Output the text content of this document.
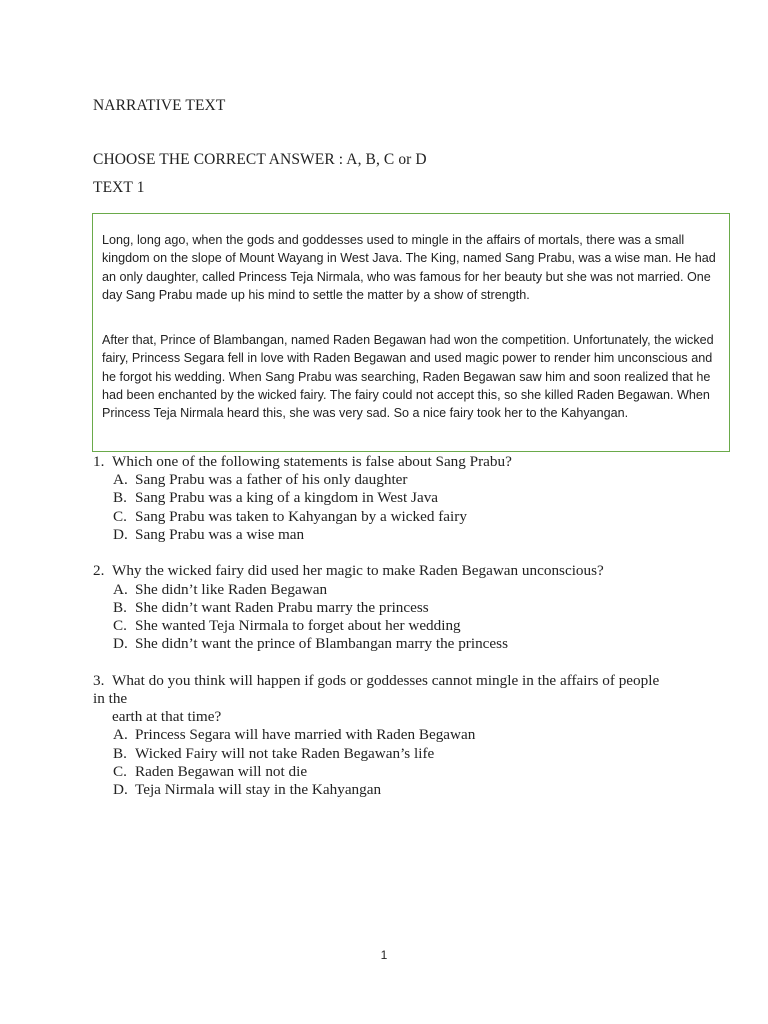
NARRATIVE TEXT
CHOOSE THE CORRECT ANSWER : A, B, C or D
TEXT 1

Long, long ago, when the gods and goddesses used to mingle in the affairs of mortals, there was a small kingdom on the slope of Mount Wayang in West Java. The King, named Sang Prabu, was a wise man. He had an only daughter, called Princess Teja Nirmala, who was famous for her beauty but she was not married. One day Sang Prabu made up his mind to settle the matter by a show of strength.

After that, Prince of Blambangan, named Raden Begawan had won the competition. Unfortunately, the wicked fairy, Princess Segara fell in love with Raden Begawan and used magic power to render him unconscious and he forgot his wedding. When Sang Prabu was searching, Raden Begawan saw him and soon realized that he had been enchanted by the wicked fairy. The fairy could not accept this, so she killed Raden Begawan. When Princess Teja Nirmala heard this, she was very sad. So a nice fairy took her to the Kahyangan.

1. Which one of the following statements is false about Sang Prabu?
A. Sang Prabu was a father of his only daughter
B. Sang Prabu was a king of a kingdom in West Java
C. Sang Prabu was taken to Kahyangan by a wicked fairy
D. Sang Prabu was a wise man
2. Why the wicked fairy did used her magic to make Raden Begawan unconscious?
A. She didn’t like Raden Begawan
B. She didn’t want Raden Prabu marry the princess
C. She wanted Teja Nirmala to forget about her wedding
D. She didn’t want the prince of Blambangan marry the princess
3. What do you think will happen if gods or goddesses cannot mingle in the affairs of people
in the
earth at that time?
A. Princess Segara will have married with Raden Begawan
B. Wicked Fairy will not take Raden Begawan’s life
C. Raden Begawan will not die
D. Teja Nirmala will stay in the Kahyangan
1
